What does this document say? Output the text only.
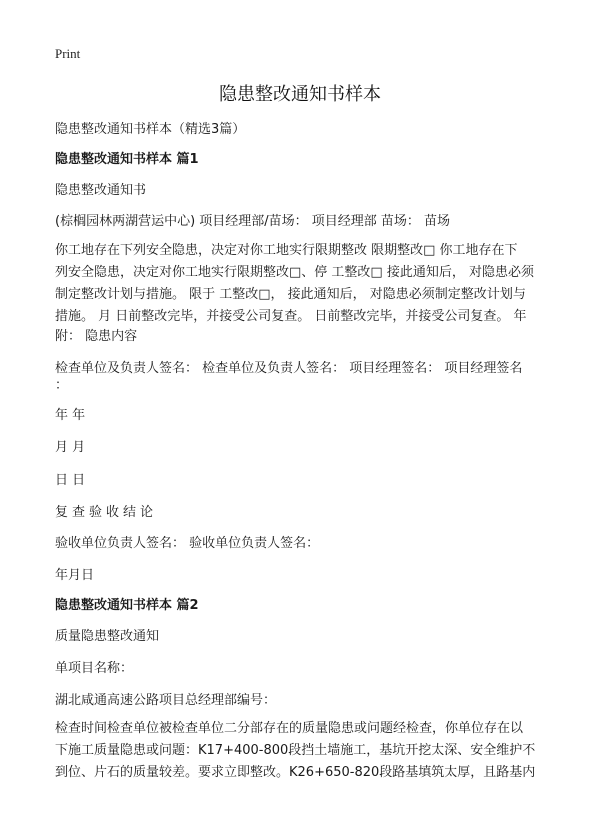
Print
隐患整改通知书样本
隐患整改通知书样本（精选3篇）
隐患整改通知书样本 篇1
隐患整改通知书
(棕榈园林两湖营运中心) 项目经理部/苗场： 项目经理部 苗场： 苗场
你工地存在下列安全隐患，决定对你工地实行限期整改 限期整改□ 你工地存在下
列安全隐患，决定对你工地实行限期整改□、停 工整改□ 接此通知后， 对隐患必须
制定整改计划与措施。 限于 工整改□， 接此通知后， 对隐患必须制定整改计划与
措施。 月 日前整改完毕，并接受公司复查。 日前整改完毕，并接受公司复查。 年
附： 隐患内容
检查单位及负责人签名： 检查单位及负责人签名： 项目经理签名： 项目经理签名
：
年 年
月 月
日 日
复查验收结论
验收单位负责人签名： 验收单位负责人签名：
年月日
隐患整改通知书样本 篇2
质量隐患整改通知
单项目名称：
湖北咸通高速公路项目总经理部编号：
检查时间检查单位被检查单位二分部存在的质量隐患或问题经检查，你单位存在以
下施工质量隐患或问题：K17+400-800段挡土墙施工，基坑开挖太深、安全维护不
到位、片石的质量较差。要求立即整改。K26+650-820段路基填筑太厚，且路基内
